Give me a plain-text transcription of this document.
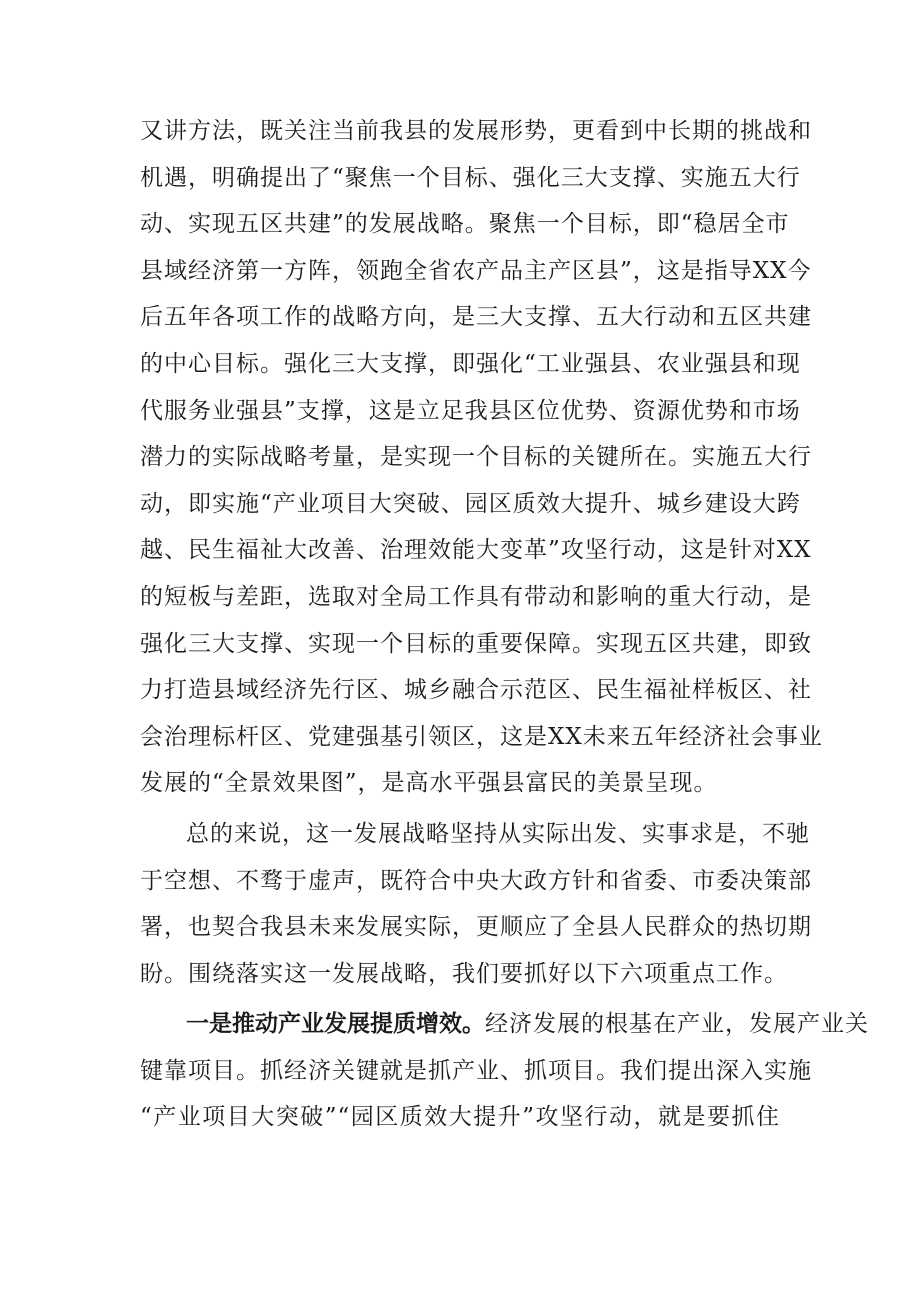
又讲方法，既关注当前我县的发展形势，更看到中长期的挑战和
机遇，明确提出了“聚焦一个目标、强化三大支撑、实施五大行
动、实现五区共建”的发展战略。聚焦一个目标，即“稳居全市
县域经济第一方阵，领跑全省农产品主产区县”，这是指导XX今
后五年各项工作的战略方向，是三大支撑、五大行动和五区共建
的中心目标。强化三大支撑，即强化“工业强县、农业强县和现
代服务业强县”支撑，这是立足我县区位优势、资源优势和市场
潜力的实际战略考量，是实现一个目标的关键所在。实施五大行
动，即实施“产业项目大突破、园区质效大提升、城乡建设大跨
越、民生福祉大改善、治理效能大变革”攻坚行动，这是针对XX
的短板与差距，选取对全局工作具有带动和影响的重大行动，是
强化三大支撑、实现一个目标的重要保障。实现五区共建，即致
力打造县域经济先行区、城乡融合示范区、民生福祉样板区、社
会治理标杆区、党建强基引领区，这是XX未来五年经济社会事业
发展的“全景效果图”，是高水平强县富民的美景呈现。
总的来说，这一发展战略坚持从实际出发、实事求是，不驰
于空想、不骛于虚声，既符合中央大政方针和省委、市委决策部
署，也契合我县未来发展实际，更顺应了全县人民群众的热切期
盼。围绕落实这一发展战略，我们要抓好以下六项重点工作。
一是推动产业发展提质增效。经济发展的根基在产业，发展产业关
键靠项目。抓经济关键就是抓产业、抓项目。我们提出深入实施
“产业项目大突破”“园区质效大提升”攻坚行动，就是要抓住
